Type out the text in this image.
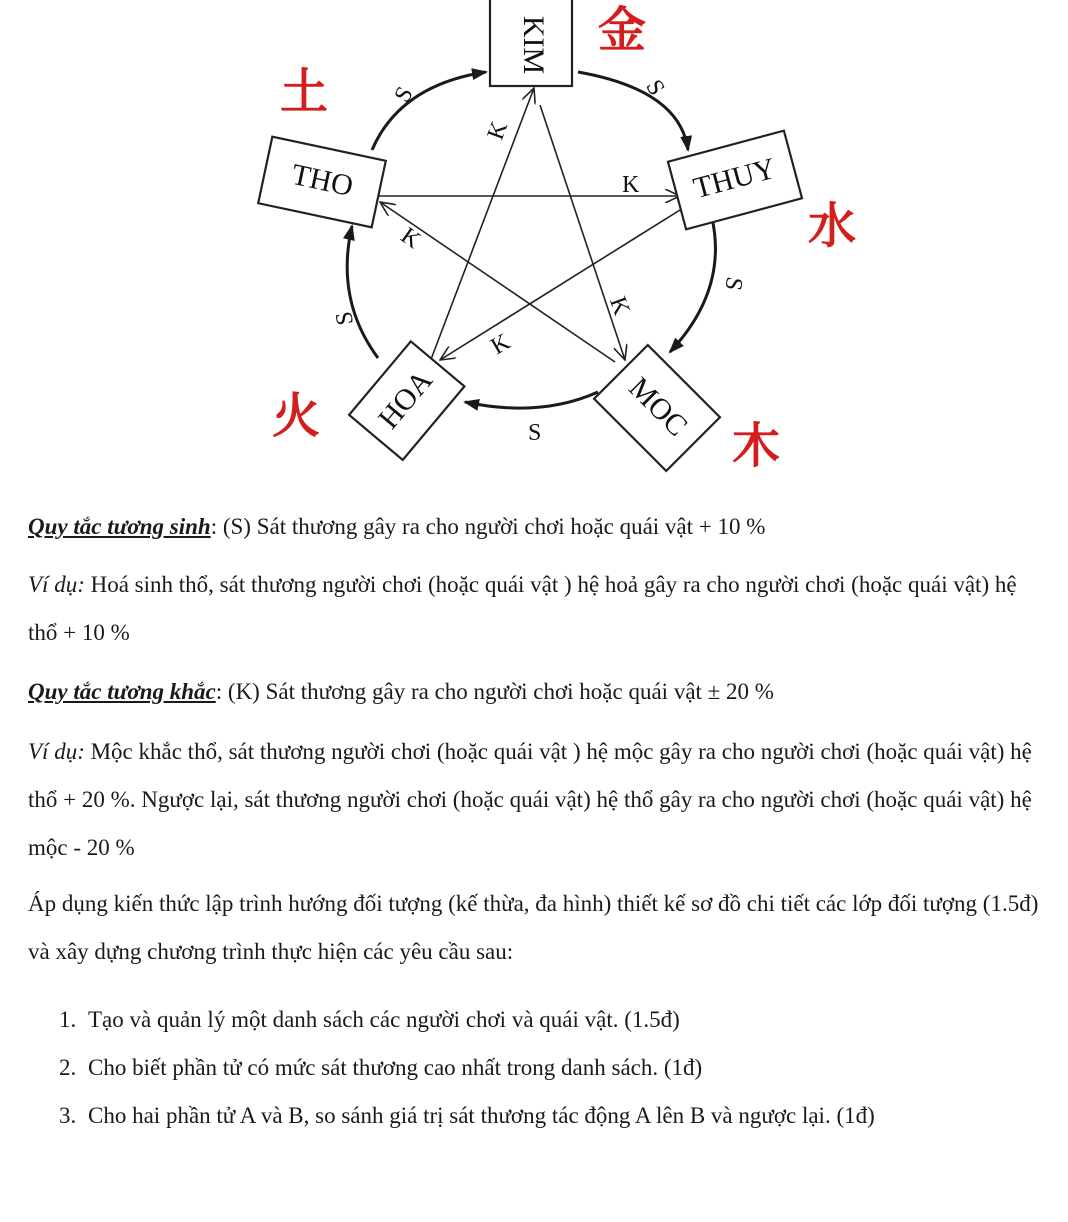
KIM
THUY
MOC
HOA
THO
S	S
S
S
S
K
K
K
K
K
金
水
木
火
土
Quy tắc tương sinh: (S) Sát thương gây ra cho người chơi hoặc quái vật + 10 %
Ví dụ: Hoá sinh thổ, sát thương người chơi (hoặc quái vật ) hệ hoả gây ra cho người chơi (hoặc quái vật) hệ thổ + 10 %
Quy tắc tương khắc: (K) Sát thương gây ra cho người chơi hoặc quái vật ± 20 %
Ví dụ: Mộc khắc thổ, sát thương người chơi (hoặc quái vật ) hệ mộc gây ra cho người chơi (hoặc quái vật) hệ thổ + 20 %. Ngược lại, sát thương người chơi (hoặc quái vật) hệ thổ gây ra cho người chơi (hoặc quái vật) hệ mộc - 20 %
Áp dụng kiến thức lập trình hướng đối tượng (kế thừa, đa hình) thiết kế sơ đồ chi tiết các lớp đối tượng (1.5đ) và xây dựng chương trình thực hiện các yêu cầu sau:
1. Tạo và quản lý một danh sách các người chơi và quái vật. (1.5đ)
2. Cho biết phần tử có mức sát thương cao nhất trong danh sách. (1đ)
3. Cho hai phần tử A và B, so sánh giá trị sát thương tác động A lên B và ngược lại. (1đ)
